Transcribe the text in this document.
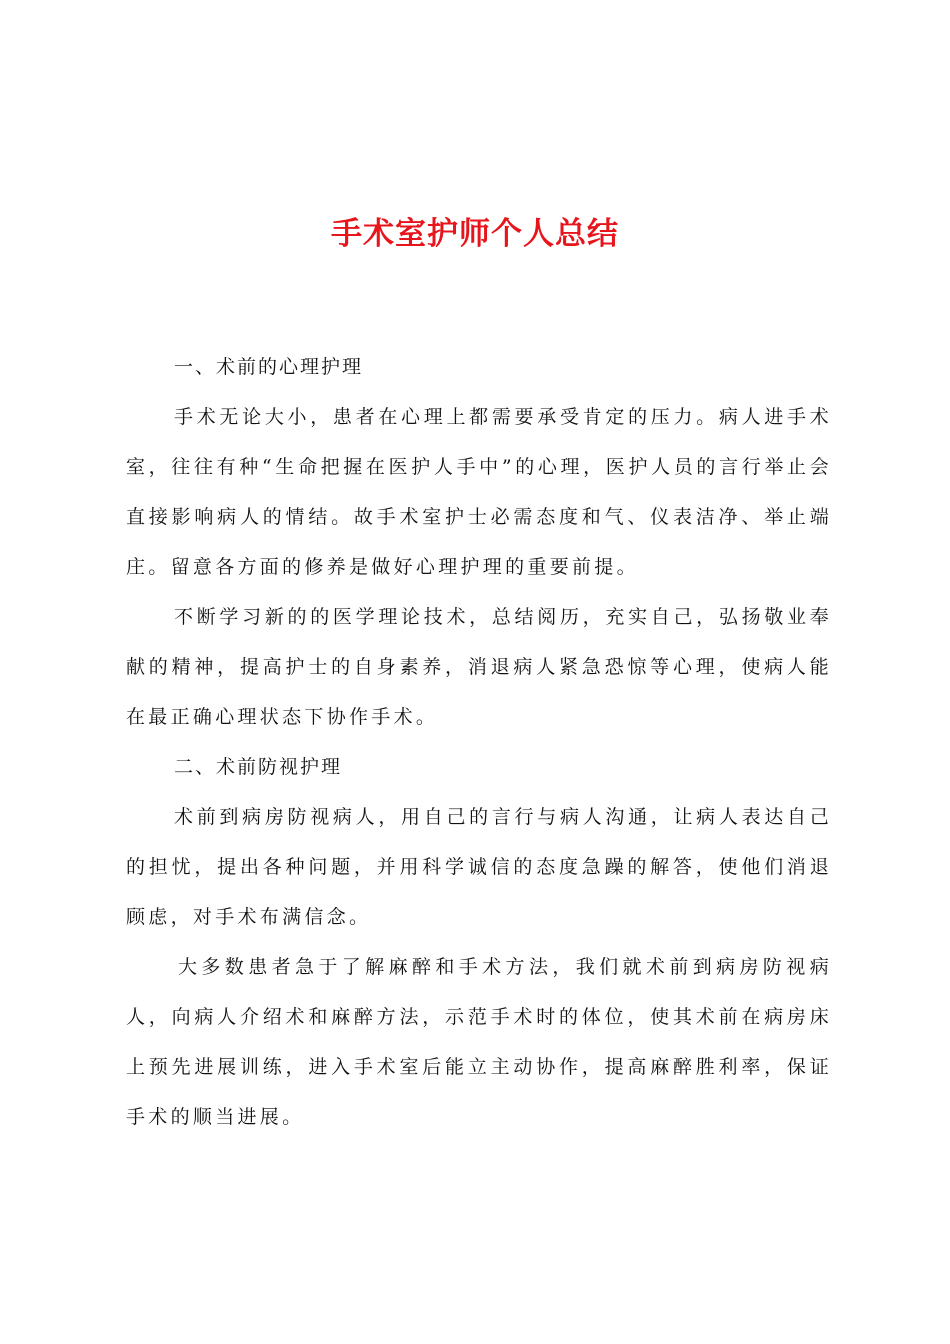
手术室护师个人总结

一、术前的心理护理

手术无论大小，患者在心理上都需要承受肯定的压力。病人进手术室，往往有种“生命把握在医护人手中”的心理，医护人员的言行举止会直接影响病人的情结。故手术室护士必需态度和气、仪表洁净、举止端庄。留意各方面的修养是做好心理护理的重要前提。

不断学习新的的医学理论技术，总结阅历，充实自己，弘扬敬业奉献的精神，提高护士的自身素养，消退病人紧急恐惊等心理，使病人能在最正确心理状态下协作手术。

二、术前防视护理

术前到病房防视病人，用自己的言行与病人沟通，让病人表达自己的担忧，提出各种问题，并用科学诚信的态度急躁的解答，使他们消退顾虑，对手术布满信念。

大多数患者急于了解麻醉和手术方法，我们就术前到病房防视病人，向病人介绍术和麻醉方法，示范手术时的体位，使其术前在病房床上预先进展训练，进入手术室后能立主动协作，提高麻醉胜利率，保证手术的顺当进展。
